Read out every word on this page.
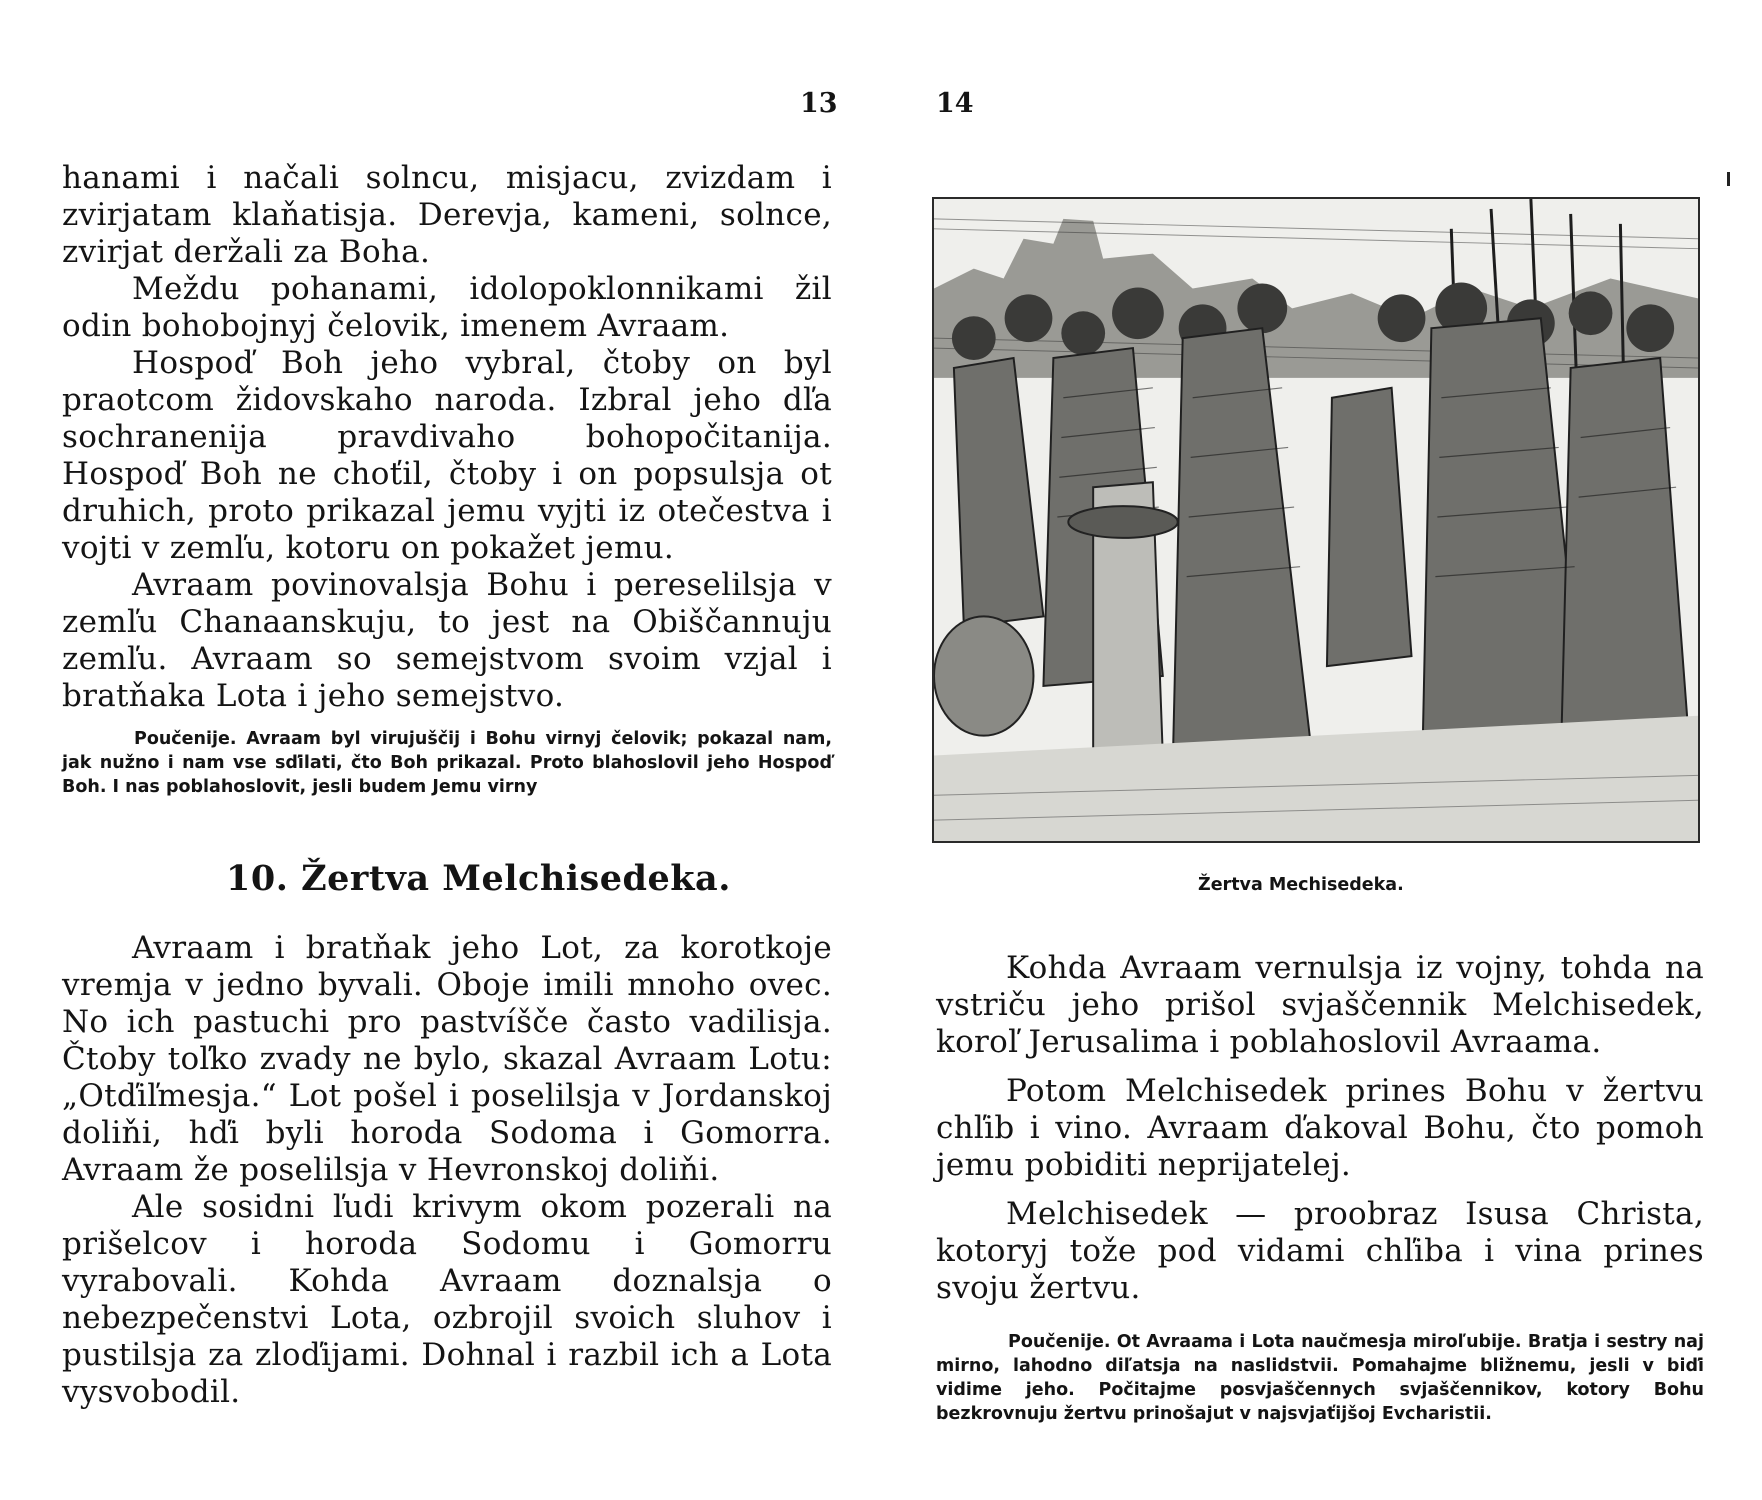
13

hanami i načali solncu, misjacu, zvizdam i zvirjatam klaňatisja. Derevja, kameni, solnce, zvirjat deržali za Boha.

Meždu pohanami, idolopoklonnikami žil odin bohobojnyj čelovik, imenem Avraam.

Hospoď Boh jeho vybral, čtoby on byl praotcom židovskaho naroda. Izbral jeho dľa sochranenija pravdivaho bohopočitanija. Hospoď Boh ne choťil, čtoby i on popsulsja ot druhich, proto prikazal jemu vyjti iz otečestva i vojti v zemľu, kotoru on pokažet jemu.

Avraam povinovalsja Bohu i pereselilsja v zemľu Chanaanskuju, to jest na Obiščannuju zemľu. Avraam so semejstvom svoim vzjal i bratňaka Lota i jeho semejstvo.

Poučenije. Avraam byl virujuščij i Bohu virnyj čelovik; pokazal nam, jak nužno i nam vse sďilati, čto Boh prikazal. Proto blahoslovil jeho Hospoď Boh. I nas poblahoslovit, jesli budem Jemu virny

10. Žertva Melchisedeka.

Avraam i bratňak jeho Lot, za korotkoje vremja v jedno byvali. Oboje imili mnoho ovec. No ich pastuchi pro pastvíšče často vadilisja. Čtoby toľko zvady ne bylo, skazal Avraam Lotu: „Otďiľmesja.“ Lot pošel i poselilsja v Jordanskoj doliňi, hďi byli horoda Sodoma i Gomorra. Avraam že poselilsja v Hevronskoj doliňi.

Ale sosidni ľudi krivym okom pozerali na prišelcov i horoda Sodomu i Gomorru vyrabovali. Kohda Avraam doznalsja o nebezpečenstvi Lota, ozbrojil svoich sluhov i pustilsja za zloďijami. Dohnal i razbil ich a Lota vysvobodil.

14

Žertva Mechisedeka.

Kohda Avraam vernulsja iz vojny, tohda na vstriču jeho prišol svjaščennik Melchisedek, koroľ Jerusalima i poblahoslovil Avraama.

Potom Melchisedek prines Bohu v žertvu chľib i vino. Avraam ďakoval Bohu, čto pomoh jemu pobiditi neprijatelej.

Melchisedek — proobraz Isusa Christa, kotoryj tože pod vidami chľiba i vina prines svoju žertvu.

Poučenije. Ot Avraama i Lota naučmesja miroľubije. Bratja i sestry naj mirno, lahodno diľatsja na naslidstvii. Pomahajme bližnemu, jesli v biďi vidime jeho. Počitajme posvjaščennych svjaščennikov, kotory Bohu bezkrovnuju žertvu prinošajut v najsvjaťijšoj Evcharistii.
